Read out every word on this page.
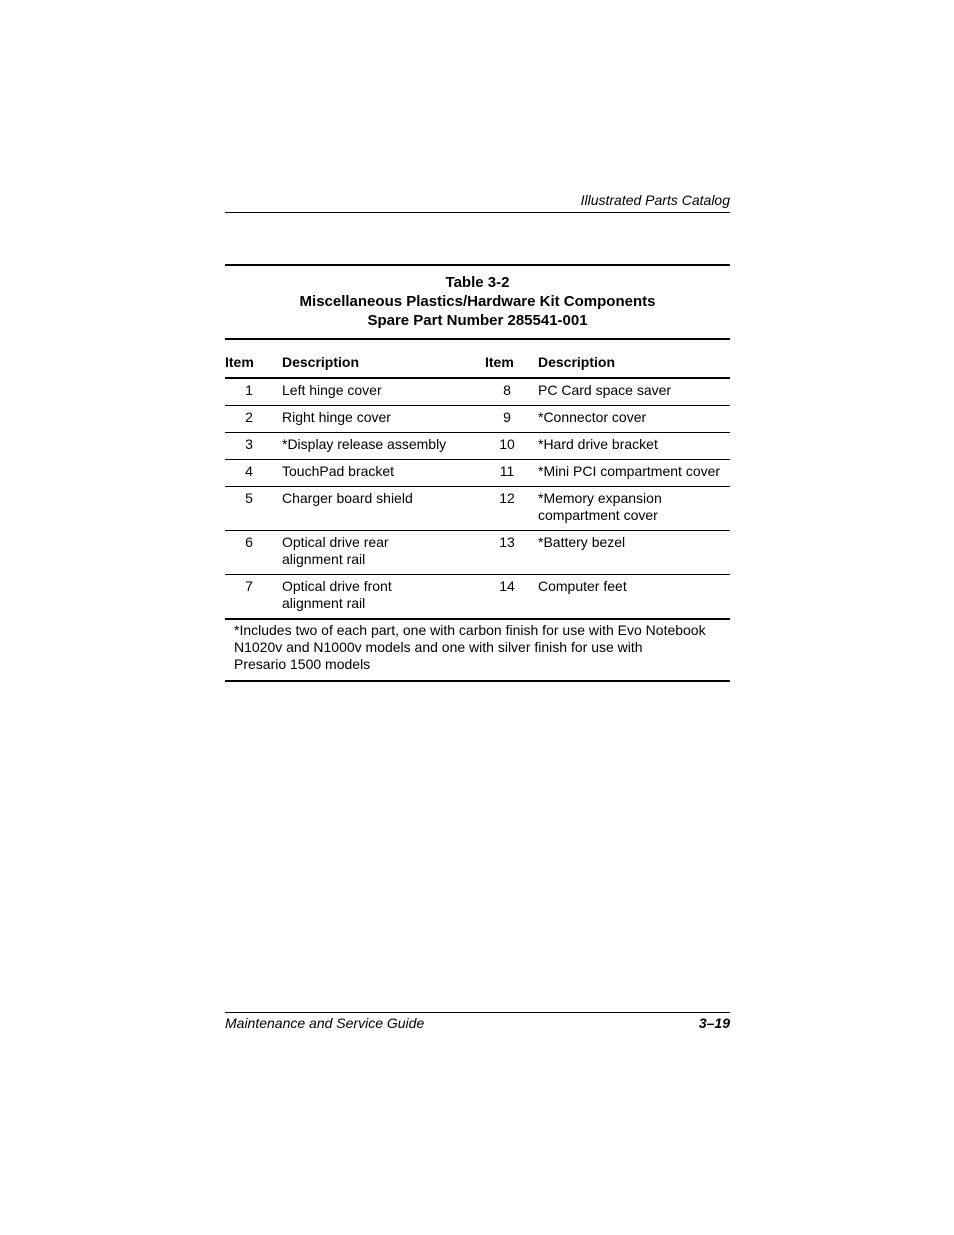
Illustrated Parts Catalog
Table 3-2
Miscellaneous Plastics/Hardware Kit Components
Spare Part Number 285541-001
Item	Description	Item	Description
1	Left hinge cover	8	PC Card space saver
2	Right hinge cover	9	*Connector cover
3	*Display release assembly	10	*Hard drive bracket
4	TouchPad bracket	11	*Mini PCI compartment cover
5	Charger board shield	12	*Memory expansion
compartment cover
6	Optical drive rear
alignment rail	13	*Battery bezel
7	Optical drive front
alignment rail	14	Computer feet
*Includes two of each part, one with carbon finish for use with Evo Notebook
N1020v and N1000v models and one with silver finish for use with
Presario 1500 models
Maintenance and Service Guide	3–19
